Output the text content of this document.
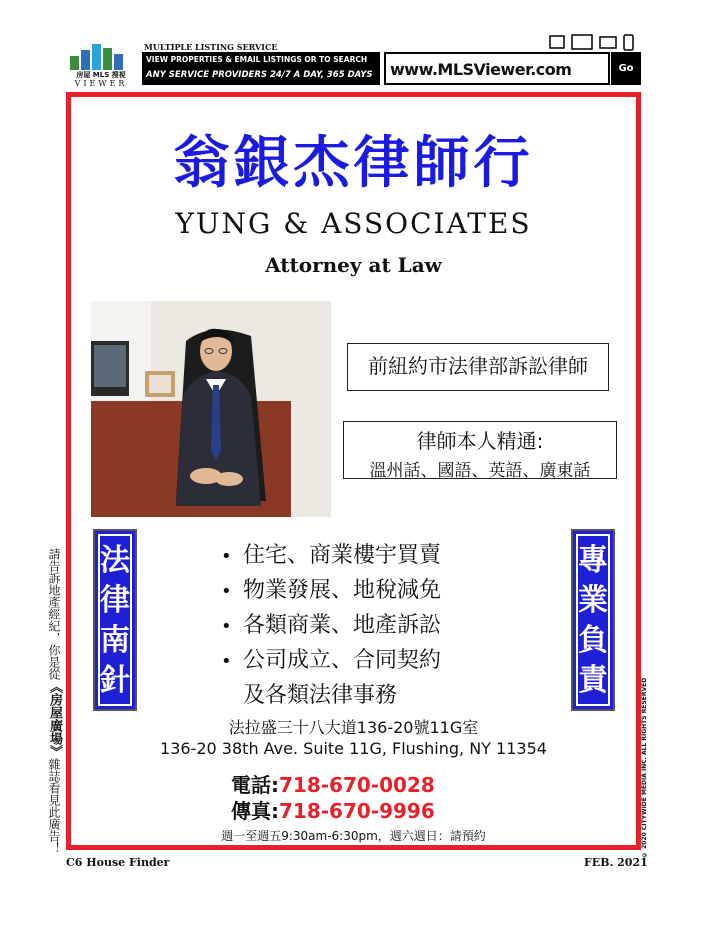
房屋 MLS 搜視
VIEWER
MULTIPLE LISTING SERVICE
VIEW PROPERTIES & EMAIL LISTINGS OR TO SEARCH
ANY SERVICE PROVIDERS 24/7 A DAY, 365 DAYS www.MLSViewer.com	Go
翁銀杰律師行
YUNG & ASSOCIATES
Attorney at Law
前紐約市法律部訴訟律師
律師本人精通:
溫州話、國語、英語、廣東話
法律南針
專業負責
• 住宅、商業樓宇買賣
• 物業發展、地稅減免
• 各類商業、地產訴訟
• 公司成立、合同契約
及各類法律事務
法拉盛三十八大道136-20號11G室
136-20 38th Ave. Suite 11G, Flushing, NY 11354
電話:718-670-0028
傳真:718-670-9996
週一至週五9:30am-6:30pm，週六週日：請預約
請告訴地產經紀，你是從《房屋廣場》雜誌看見此廣告！	© 2020 CITYWIDE MEDIA INC. ALL RIGHTS RESERVED
C6 House Finder	FEB. 2021
